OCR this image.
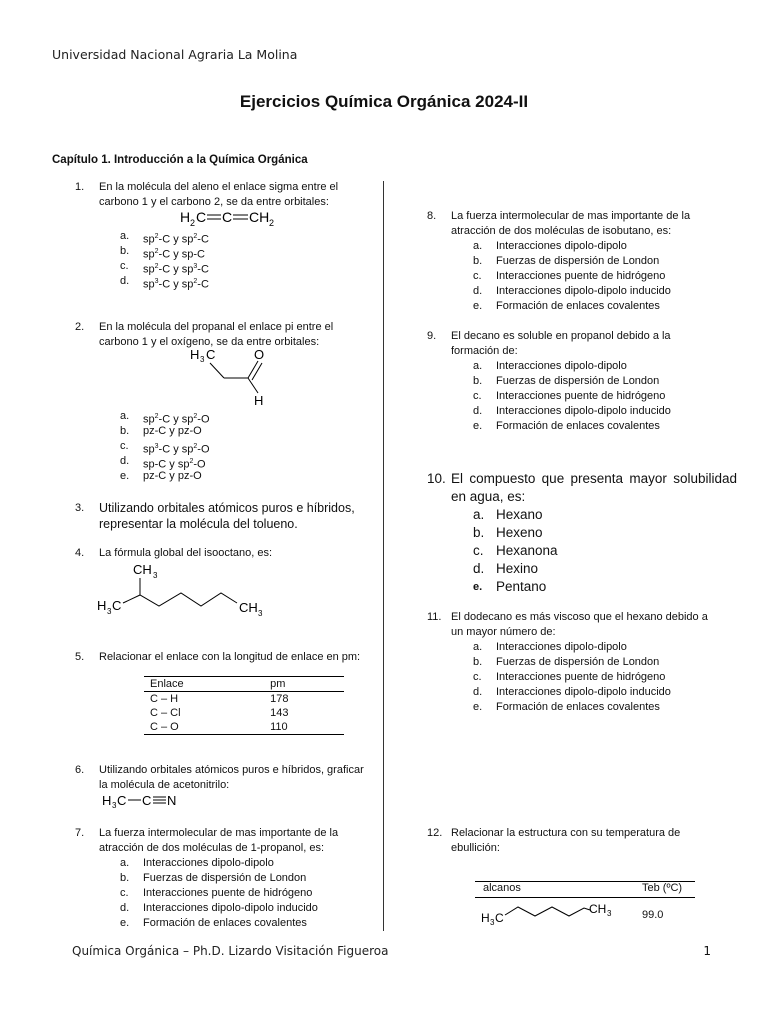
Universidad Nacional Agraria La Molina
Ejercicios Química Orgánica 2024-II
Capítulo 1. Introducción a la Química Orgánica
1. En la molécula del aleno el enlace sigma entre el carbono 1 y el carbono 2, se da entre orbitales:
H 2 C C CH 2
a. $sp^2-C$ y $sp^2-C$
b. $sp^2-C$ y sp-C
c. $sp^2-C$ y $sp^3-C$
d. $sp^3-C$ y $sp^2-C$
2. En la molécula del propanal el enlace pi entre el carbono 1 y el oxígeno, se da entre orbitales:
H 3 C	O
H
a. $sp^2-C$ y $sp^2-O$
b. pz-C y pz-O
c. $sp^3-C$ y $sp^2-O$
d. sp-C y $sp^2-O$
e. pz-C y pz-O
3. Utilizando orbitales atómicos puros e híbridos, representar la molécula del tolueno.
4. La fórmula global del isooctano, es:
CH 3
H 3 C	CH 3
5. Relacionar el enlace con la longitud de enlace en pm:
Enlace	pm
C – H	178
C – Cl	143
C – O	110
6. Utilizando orbitales atómicos puros e híbridos, graficar la molécula de acetonitrilo:
H 3 C C N
7. La fuerza intermolecular de mas importante de la atracción de dos moléculas de 1-propanol, es:
a. Interacciones dipolo-dipolo
b. Fuerzas de dispersión de London
c. Interacciones puente de hidrógeno
d. Interacciones dipolo-dipolo inducido
e. Formación de enlaces covalentes
8. La fuerza intermolecular de mas importante de la atracción de dos moléculas de isobutano, es:
a. Interacciones dipolo-dipolo
b. Fuerzas de dispersión de London
c. Interacciones puente de hidrógeno
d. Interacciones dipolo-dipolo inducido
e. Formación de enlaces covalentes
9. El decano es soluble en propanol debido a la formación de:
a. Interacciones dipolo-dipolo
b. Fuerzas de dispersión de London
c. Interacciones puente de hidrógeno
d. Interacciones dipolo-dipolo inducido
e. Formación de enlaces covalentes
10. El compuesto que presenta mayor solubilidad en agua, es:
a. Hexano
b. Hexeno
c. Hexanona
d. Hexino
e. Pentano
11. El dodecano es más viscoso que el hexano debido a un mayor número de:
a. Interacciones dipolo-dipolo
b. Fuerzas de dispersión de London
c. Interacciones puente de hidrógeno
d. Interacciones dipolo-dipolo inducido
e. Formación de enlaces covalentes
12. Relacionar la estructura con su temperatura de ebullición:
alcanos	Teb (ºC)
H 3 C
CH 3	99.0
Química Orgánica – Ph.D. Lizardo Visitación Figueroa	1
